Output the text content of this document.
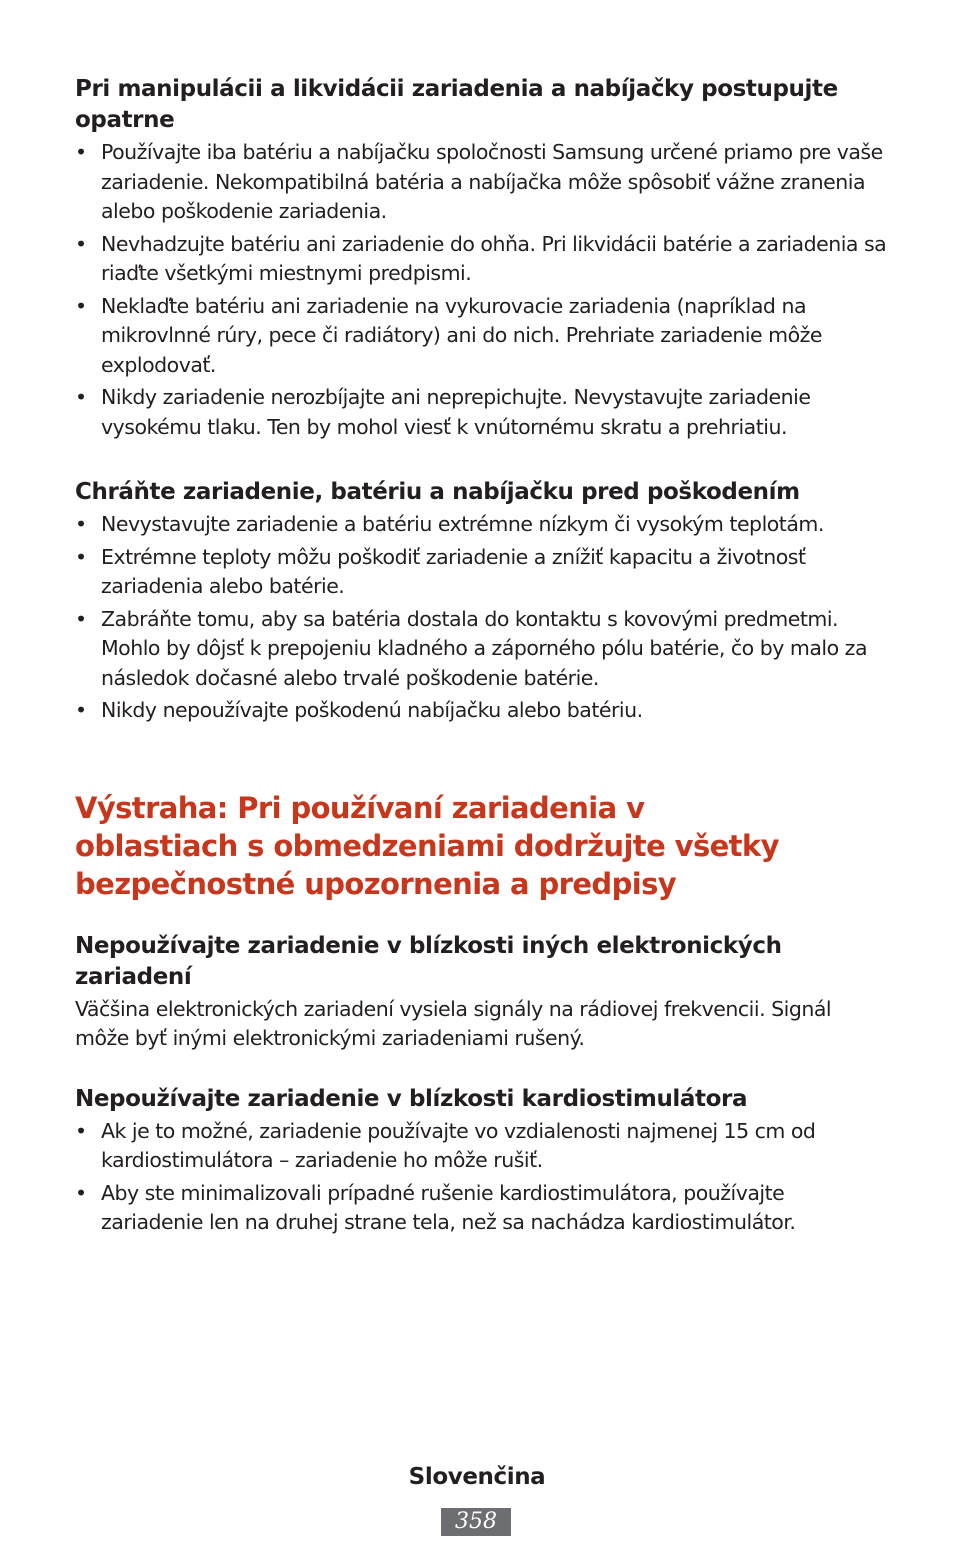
Pri manipulácii a likvidácii zariadenia a nabíjačky postupujte opatrne
• Používajte iba batériu a nabíjačku spoločnosti Samsung určené priamo pre vaše zariadenie. Nekompatibilná batéria a nabíjačka môže spôsobiť vážne zranenia alebo poškodenie zariadenia.
• Nevhadzujte batériu ani zariadenie do ohňa. Pri likvidácii batérie a zariadenia sa riaďte všetkými miestnymi predpismi.
• Neklaďte batériu ani zariadenie na vykurovacie zariadenia (napríklad na mikrovlnné rúry, pece či radiátory) ani do nich. Prehriate zariadenie môže explodovať.
• Nikdy zariadenie nerozbíjajte ani neprepichujte. Nevystavujte zariadenie vysokému tlaku. Ten by mohol viesť k vnútornému skratu a prehriatiu.
Chráňte zariadenie, batériu a nabíjačku pred poškodením
• Nevystavujte zariadenie a batériu extrémne nízkym či vysokým teplotám.
• Extrémne teploty môžu poškodiť zariadenie a znížiť kapacitu a životnosť zariadenia alebo batérie.
• Zabráňte tomu, aby sa batéria dostala do kontaktu s kovovými predmetmi. Mohlo by dôjsť k prepojeniu kladného a záporného pólu batérie, čo by malo za následok dočasné alebo trvalé poškodenie batérie.
• Nikdy nepoužívajte poškodenú nabíjačku alebo batériu.
Výstraha: Pri používaní zariadenia v oblastiach s obmedzeniami dodržujte všetky bezpečnostné upozornenia a predpisy
Nepoužívajte zariadenie v blízkosti iných elektronických zariadení

Väčšina elektronických zariadení vysiela signály na rádiovej frekvencii. Signál môže byť inými elektronickými zariadeniami rušený.

Nepoužívajte zariadenie v blízkosti kardiostimulátora
• Ak je to možné, zariadenie používajte vo vzdialenosti najmenej 15 cm od kardiostimulátora – zariadenie ho môže rušiť.
• Aby ste minimalizovali prípadné rušenie kardiostimulátora, používajte zariadenie len na druhej strane tela, než sa nachádza kardiostimulátor.
Slovenčina
358
